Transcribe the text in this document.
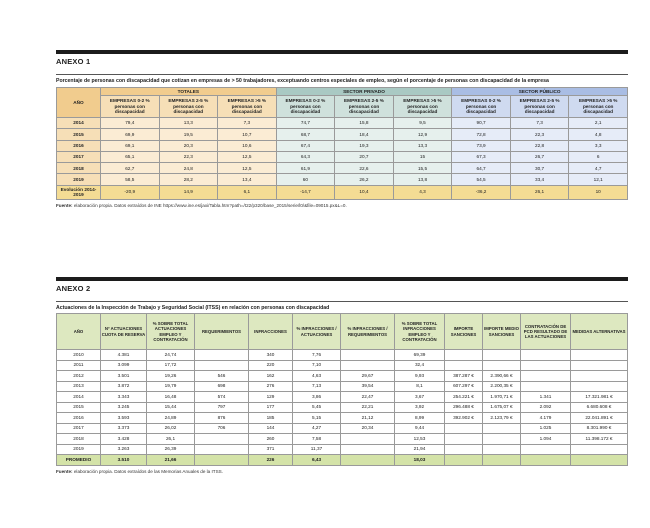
ANEXO 1
Porcentaje de personas con discapacidad que cotizan en empresas de > 50 trabajadores, exceptuando centros especiales de empleo, según el porcentaje de personas con discapacidad de la empresa
AÑO	TOTALES			SECTOR PRIVADO			SECTOR PÚBLICO		
	EMPRESAS 0-2 % personas con discapacidad	EMPRESAS 2-5 % personas con discapacidad	EMPRESAS >5 % personas con discapacidad	EMPRESAS 0-2 % personas con discapacidad	EMPRESAS 2-5 % personas con discapacidad	EMPRESAS >5 % personas con discapacidad	EMPRESAS 0-2 % personas con discapacidad	EMPRESAS 2-5 % personas con discapacidad	EMPRESAS >5 % personas con discapacidad
2014	79,4	13,3	7,3	74,7	15,8	9,5	90,7	7,3	2,1
2015	69,9	19,5	10,7	68,7	18,4	12,9	72,8	22,3	4,8
2016	69,1	20,3	10,6	67,4	19,3	13,3	73,9	22,8	3,3
2017	65,1	22,3	12,5	64,3	20,7	15	67,3	26,7	6
2018	62,7	24,8	12,5	61,9	22,6	15,5	64,7	30,7	4,7
2019	58,5	28,2	13,4	60	26,2	13,8	54,5	33,4	12,1
Evolución 2014-2019	-20,9	14,9	6,1	-14,7	10,4	4,3	-36,2	26,1	10
Fuente: elaboración propia. Datos extraídos de INE https://www.ine.es/jaxi/Tabla.htm?path=/t22/p320/base_2015/serie/l0/&file=09015.px&L=0.
ANEXO 2
Actuaciones de la Inspección de Trabajo y Seguridad Social (ITSS) en relación con personas con discapacidad
AÑO	Nº ACTUACIONES CUOTA DE RESERVA	% SOBRE TOTAL ACTUACIONES EMPLEO Y CONTRATACIÓN	REQUERIMIENTOS	INFRACCIONES	% INFRACCIONES / ACTUACIONES	% INFRACCIONES / REQUERIMIENTOS	% SOBRE TOTAL INFRACCIONES EMPLEO Y CONTRATACIÓN	IMPORTE SANCIONES	IMPORTE MEDIO SANCIONES	CONTRATACIÓN DE PCD RESULTADO DE LAS ACTUACIONES	MEDIDAS ALTERNATIVAS
2010	4.381	24,74		340	7,76		69,39				
2011	3.099	17,72		220	7,10		32,4				
2012	3.501	19,26	546	162	4,63	29,67	9,93	387.287 €	2.390,66 €		
2013	3.872	19,79	698	276	7,13	39,54	8,1	607.297 €	2.200,35 €		
2014	3.343	16,48	574	129	3,86	22,47	3,67	254.221 €	1.970,71 €	1.341	17.321.981 €
2015	3.245	15,44	797	177	5,45	22,21	3,92	296.488 €	1.675,07 €	2.092	6.680.608 €
2016	3.593	24,89	876	185	5,15	21,12	8,99	392.902 €	2.123,79 €	4.179	22.041.891 €
2017	3.373	26,02	706	144	4,27	20,34	9,44			1.025	8.301.990 €
2018	3.428	26,1		260	7,58		12,53			1.094	11.398.172 €
2019	3.263	26,39		371	11,37		21,94				
PROMEDIO	3.510	21,66		226	6,43		18,03				
Fuente: elaboración propia. Datos extraídos de las Memorias Anuales de la ITSS.
